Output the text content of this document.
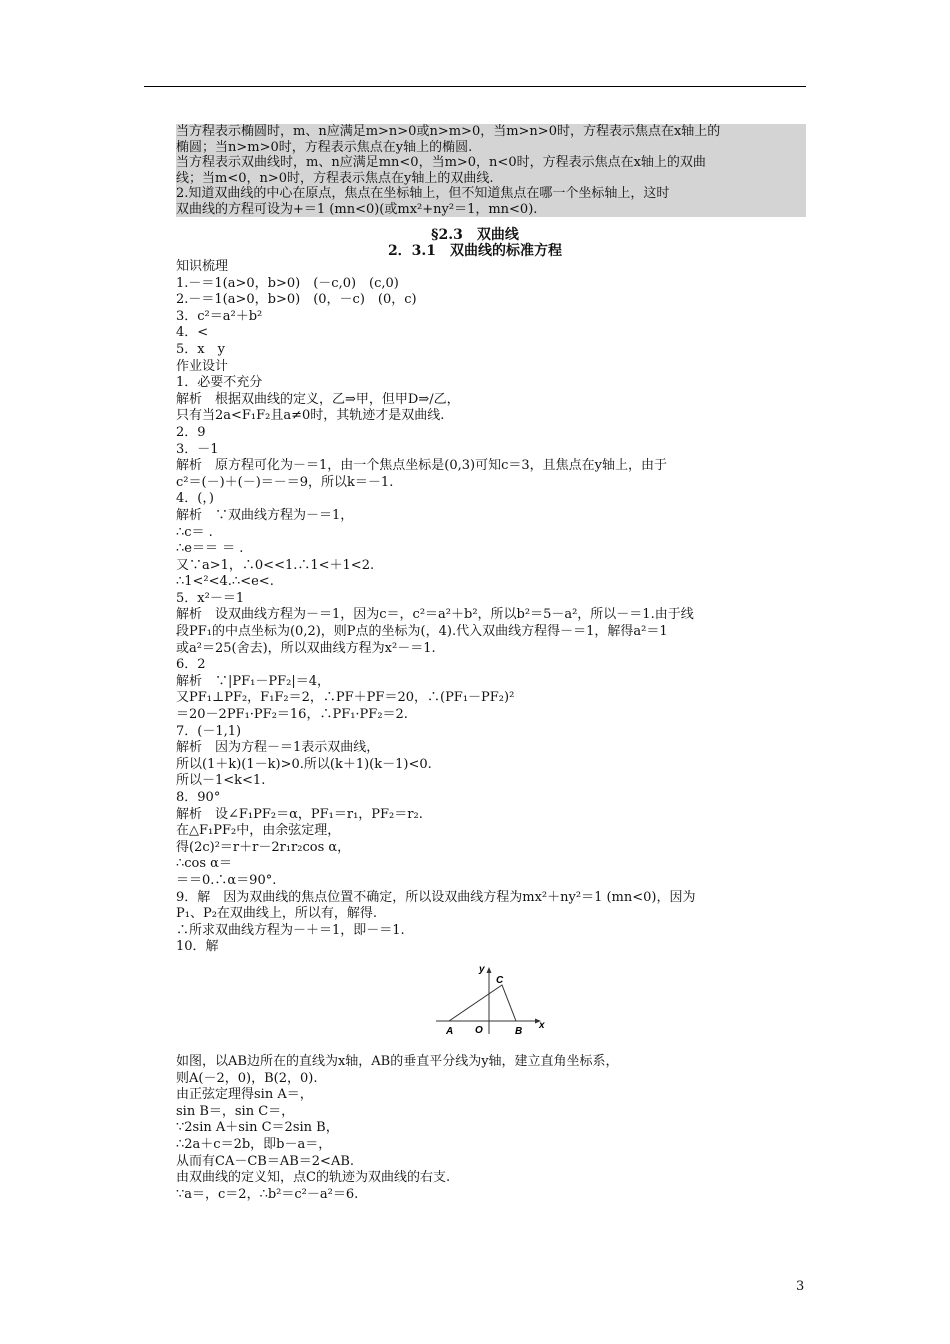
当方程表示椭圆时，m、n应满足m>n>0或n>m>0，当m>n>0时，方程表示焦点在x轴上的
椭圆；当n>m>0时，方程表示焦点在y轴上的椭圆.
当方程表示双曲线时，m、n应满足mn<0，当m>0，n<0时，方程表示焦点在x轴上的双曲
线；当m<0，n>0时，方程表示焦点在y轴上的双曲线.
2.知道双曲线的中心在原点，焦点在坐标轴上，但不知道焦点在哪一个坐标轴上，这时
双曲线的方程可设为+＝1 (mn<0)(或mx²+ny²＝1，mn<0).
§2.3　双曲线
2．3.1　双曲线的标准方程
知识梳理
1.－＝1(a>0，b>0)　(－c,0)　(c,0)
2.－＝1(a>0，b>0)　(0，－c)　(0，c)
3．c²＝a²＋b²
4．<
5．x　y
作业设计
1．必要不充分
解析　根据双曲线的定义，乙⇒甲，但甲D⇒/乙，
只有当2a<F₁F₂且a≠0时，其轨迹才是双曲线.
2．9
3．－1
解析　原方程可化为－＝1，由一个焦点坐标是(0,3)可知c＝3，且焦点在y轴上，由于
c²＝(－)＋(－)＝－＝9，所以k＝－1.
4．(，)
解析　∵双曲线方程为－＝1，
∴c＝ .
∴e＝＝ ＝ .
又∵a>1，∴0<<1.∴1<＋1<2.
∴1<²<4.∴<e<.
5．x²－＝1
解析　设双曲线方程为－＝1，因为c＝，c²＝a²＋b²，所以b²＝5－a²，所以－＝1.由于线
段PF₁的中点坐标为(0,2)，则P点的坐标为(，4).代入双曲线方程得－＝1，解得a²＝1
或a²＝25(舍去)，所以双曲线方程为x²－＝1.
6．2
解析　∵|PF₁－PF₂|＝4，
又PF₁⊥PF₂，F₁F₂＝2，∴PF＋PF＝20，∴(PF₁－PF₂)²
＝20－2PF₁·PF₂＝16，∴PF₁·PF₂＝2.
7．(－1,1)
解析　因为方程－＝1表示双曲线，
所以(1＋k)(1－k)>0.所以(k＋1)(k－1)<0.
所以－1<k<1.
8．90°
解析　设∠F₁PF₂＝α，PF₁＝r₁，PF₂＝r₂.
在△F₁PF₂中，由余弦定理，
得(2c)²＝r＋r－2r₁r₂cos α，
∴cos α＝
＝＝0.∴α＝90°.
9．解　因为双曲线的焦点位置不确定，所以设双曲线方程为mx²＋ny²＝1 (mn<0)，因为
P₁、P₂在双曲线上，所以有，解得.
∴所求双曲线方程为－＋＝1，即－＝1.
10．解
y
x
C
A O	B
如图，以AB边所在的直线为x轴，AB的垂直平分线为y轴，建立直角坐标系，
则A(－2，0)，B(2，0).
由正弦定理得sin A＝，
sin B＝，sin C＝，
∵2sin A＋sin C＝2sin B，
∴2a＋c＝2b，即b－a＝，
从而有CA－CB＝AB＝2<AB.
由双曲线的定义知，点C的轨迹为双曲线的右支.
∵a＝，c＝2，∴b²＝c²－a²＝6.
3
